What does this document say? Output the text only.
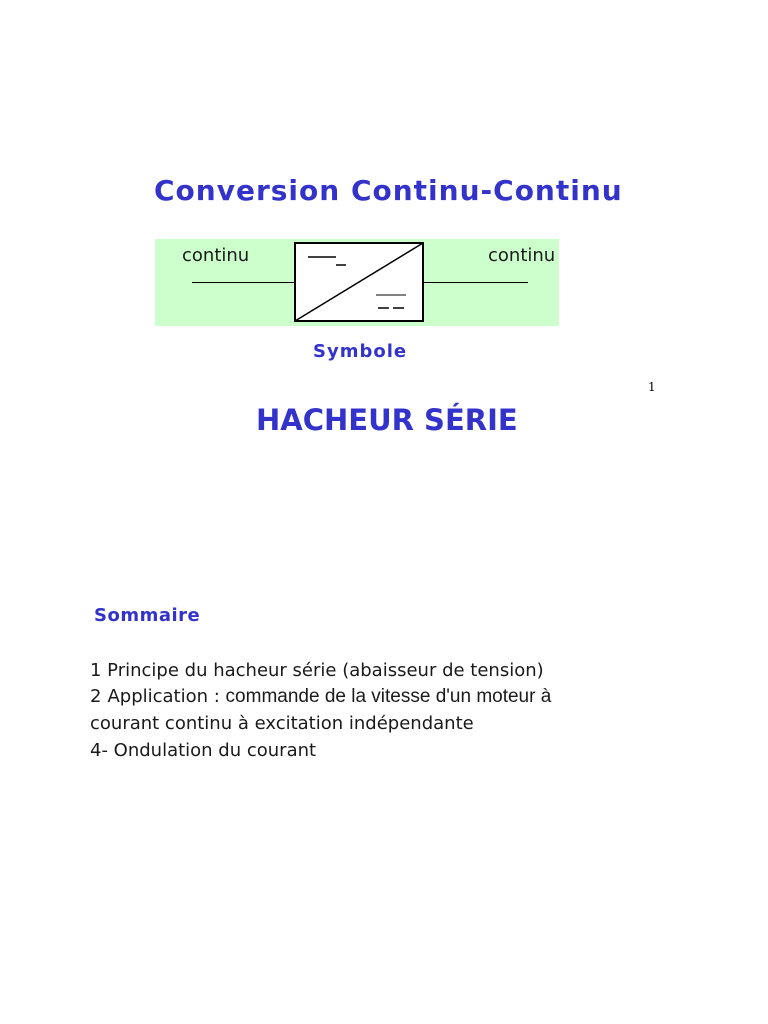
Conversion Continu-Continu
continu	continu
Symbole
1
HACHEUR SÉRIE
Sommaire
1 Principe du hacheur série (abaisseur de tension)
2 Application : commande de la vitesse d'un moteur à
courant continu à excitation indépendante
4- Ondulation du courant
